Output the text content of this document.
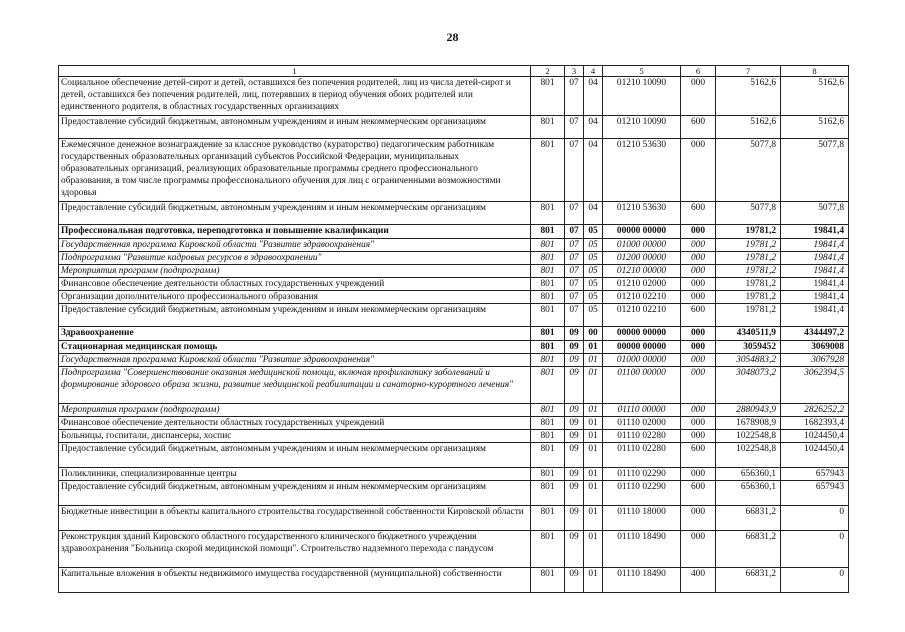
28
1	2	3	4	5	6	7	8
Социальное обеспечение детей-сирот и детей, оставшихся без попечения родителей, лиц из числа детей-сирот и детей, оставшихся без попечения родителей, лиц, потерявших в период обучения обоих родителей или единственного родителя, в областных государственных организациях	801	07	04	01210 10090	000	5162,6	5162,6
Предоставление субсидий бюджетным, автономным учреждениям и иным некоммерческим организациям	801	07	04	01210 10090	600	5162,6	5162,6
Ежемесячное денежное вознаграждение за классное руководство (кураторство) педагогическим работникам государственных образовательных организаций субъектов Российской Федерации, муниципальных образовательных организаций, реализующих образовательные программы среднего профессионального образования, в том числе программы профессионального обучения для лиц с ограниченными возможностями здоровья	801	07	04	01210 53630	000	5077,8	5077,8
Предоставление субсидий бюджетным, автономным учреждениям и иным некоммерческим организациям	801	07	04	01210 53630	600	5077,8	5077,8
Профессиональная подготовка, переподготовка и повышение квалификации	801	07	05	00000 00000	000	19781,2	19841,4
Государственная программа Кировской области "Развитие здравоохранения"	801	07	05	01000 00000	000	19781,2	19841,4
Подпрограмма "Развитие кадровых ресурсов в здравоохранении"	801	07	05	01200 00000	000	19781,2	19841,4
Мероприятия программ (подпрограмм)	801	07	05	01210 00000	000	19781,2	19841,4
Финансовое обеспечение деятельности областных государственных учреждений	801	07	05	01210 02000	000	19781,2	19841,4
Организации дополнительного профессионального образования	801	07	05	01210 02210	000	19781,2	19841,4
Предоставление субсидий бюджетным, автономным учреждениям и иным некоммерческим организациям	801	07	05	01210 02210	600	19781,2	19841,4
Здравоохранение	801	09	00	00000 00000	000	4340511,9	4344497,2
Стационарная медицинская помощь	801	09	01	00000 00000	000	3059452	3069008
Государственная программа Кировской области "Развитие здравоохранения"	801	09	01	01000 00000	000	3054883,2	3067928
Подпрограмма "Совершенствование оказания медицинской помощи, включая профилактику заболеваний и формирование здорового образа жизни, развитие медицинской реабилитации и санаторно-курортного лечения"	801	09	01	01100 00000	000	3048073,2	3062394,5
Мероприятия программ (подпрограмм)	801	09	01	01110 00000	000	2880943,9	2826252,2
Финансовое обеспечение деятельности областных государственных учреждений	801	09	01	01110 02000	000	1678908,9	1682393,4
Больницы, госпитали, диспансеры, хоспис	801	09	01	01110 02280	000	1022548,8	1024450,4
Предоставление субсидий бюджетным, автономным учреждениям и иным некоммерческим организациям	801	09	01	01110 02280	600	1022548,8	1024450,4
Поликлиники, специализированные центры	801	09	01	01110 02290	000	656360,1	657943
Предоставление субсидий бюджетным, автономным учреждениям и иным некоммерческим организациям	801	09	01	01110 02290	600	656360,1	657943
Бюджетные инвестиции в объекты капитального строительства государственной собственности Кировской области	801	09	01	01110 18000	000	66831,2	0
Реконструкция зданий Кировского областного государственного клинического бюджетного учреждения здравоохранения "Больница скорой медицинской помощи". Строительство надземного перехода с пандусом	801	09	01	01110 18490	000	66831,2	0
Капитальные вложения в объекты недвижимого имущества государственной (муниципальной) собственности	801	09	01	01110 18490	400	66831,2	0
